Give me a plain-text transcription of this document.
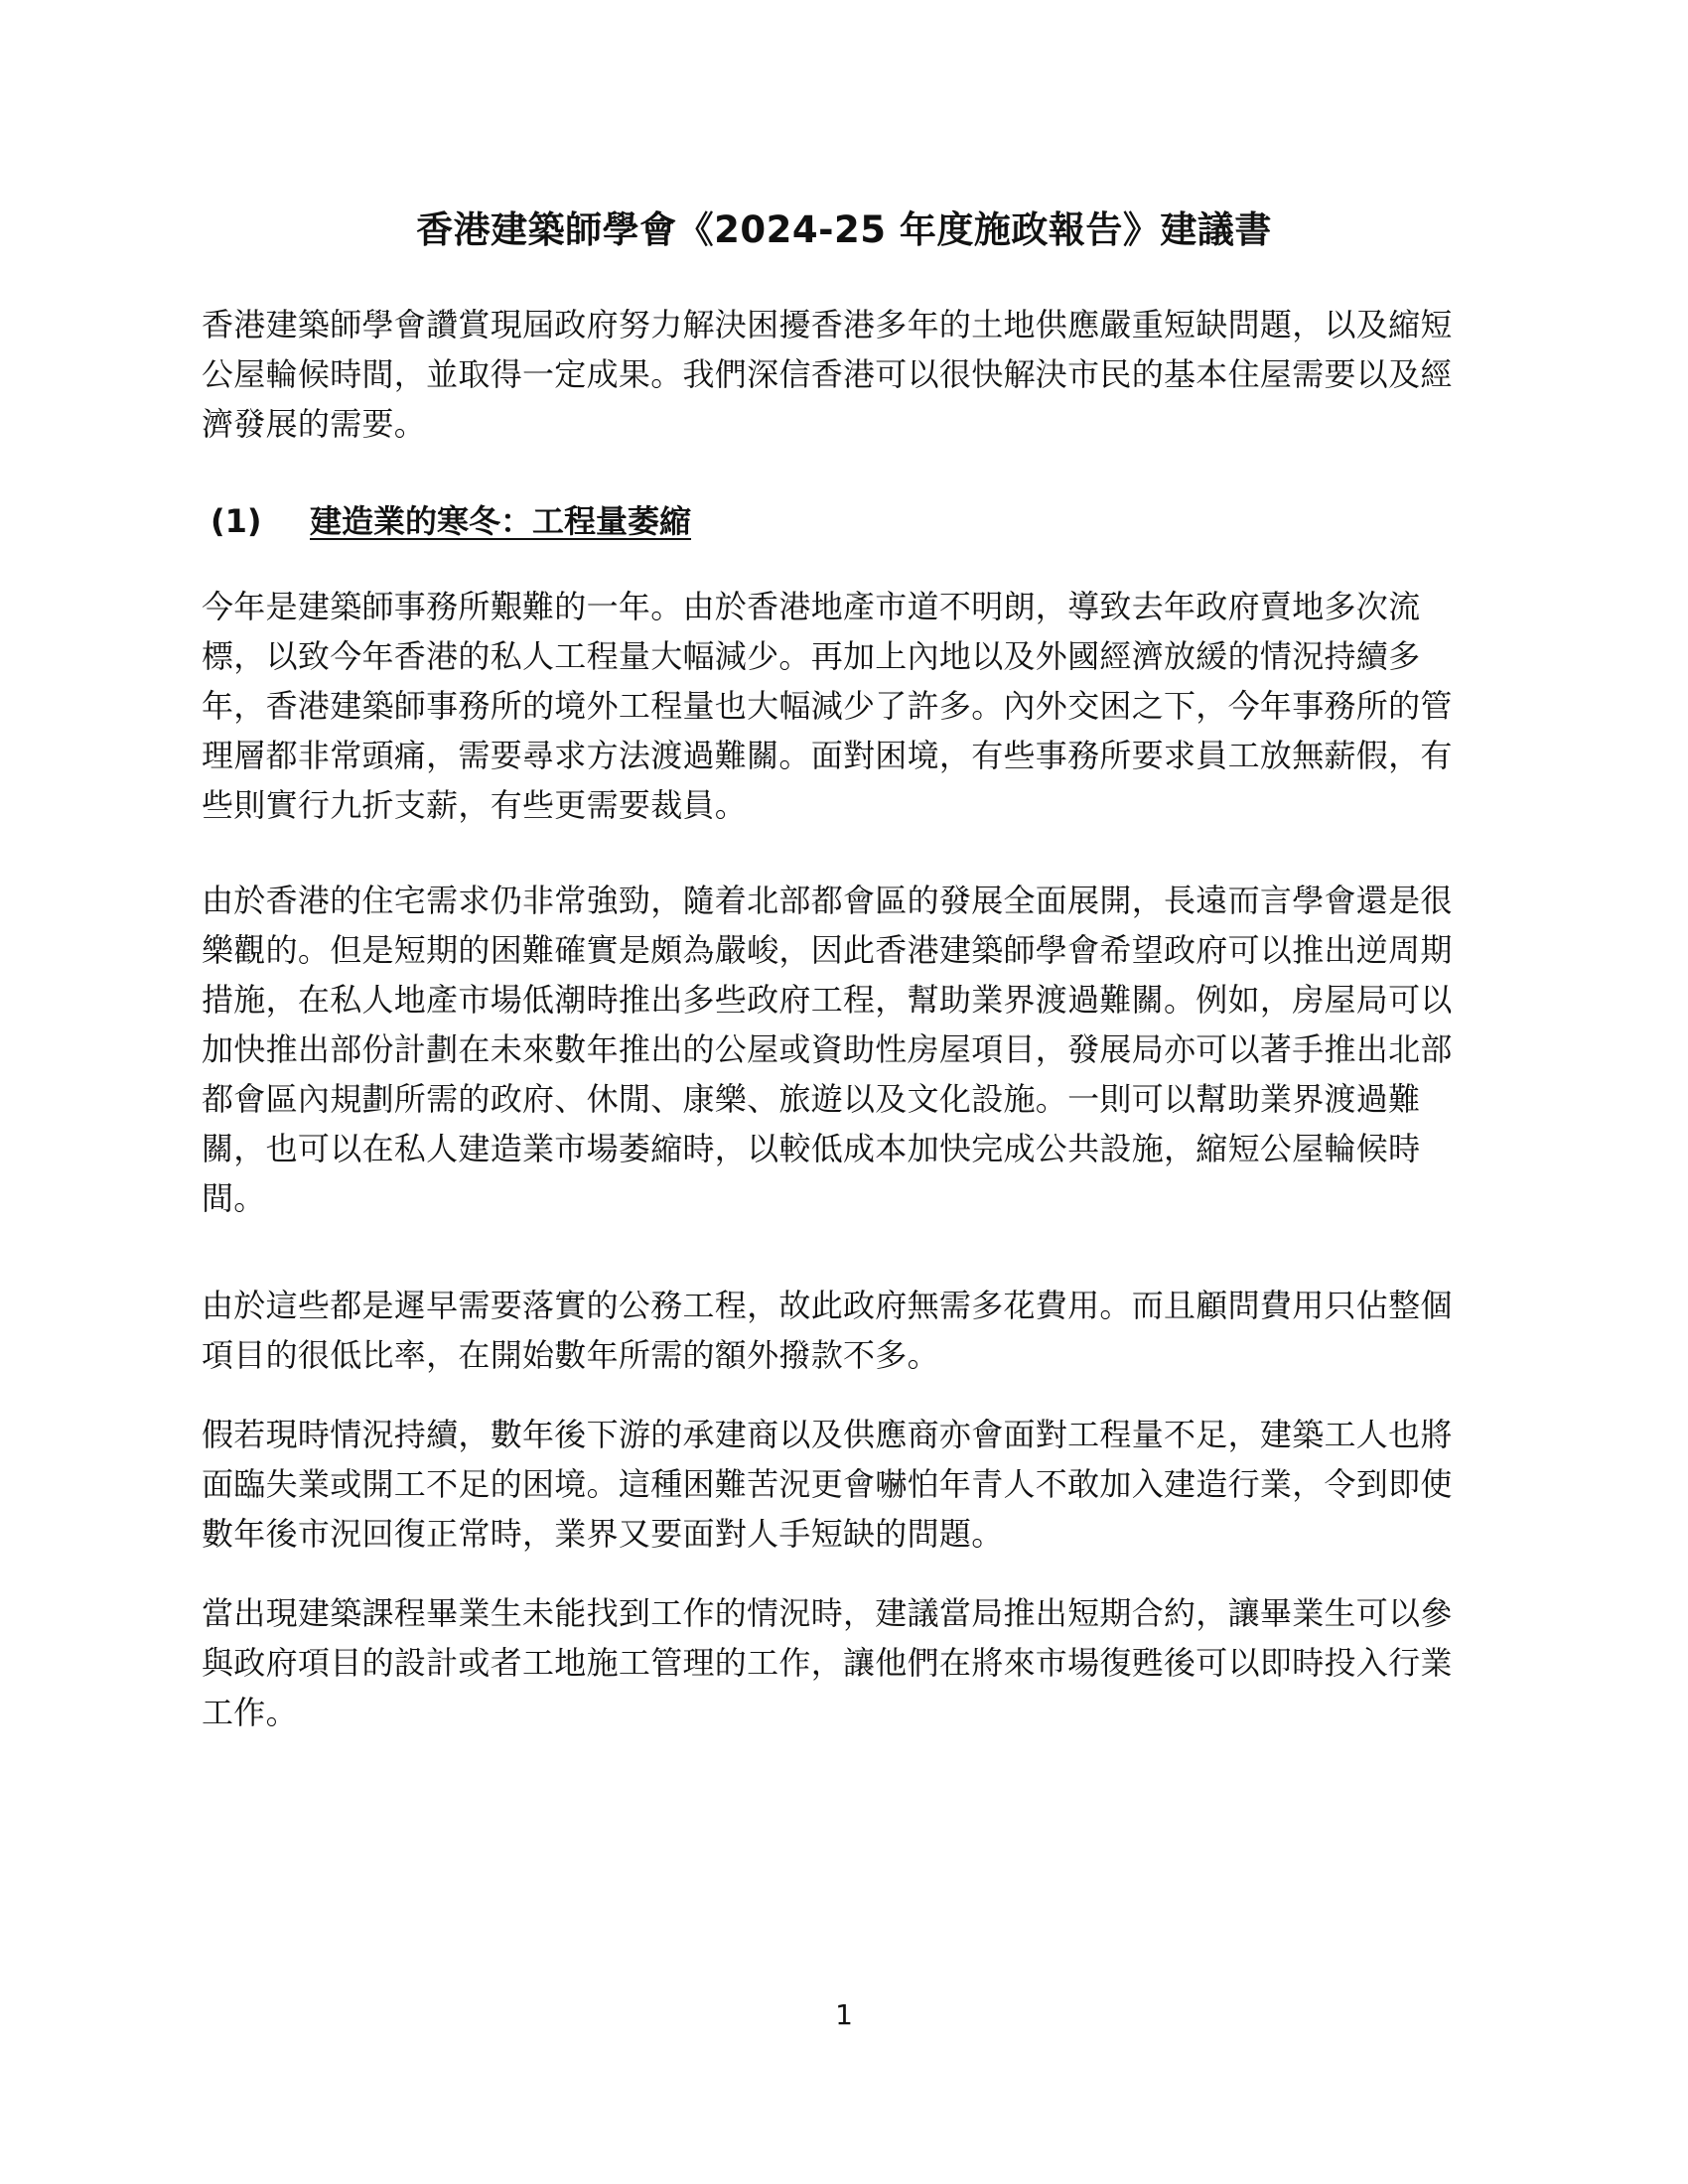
香港建築師學會《2024-25 年度施政報告》建議書
香港建築師學會讚賞現屆政府努力解決困擾香港多年的土地供應嚴重短缺問題，以及縮短
公屋輪候時間，並取得一定成果。我們深信香港可以很快解決市民的基本住屋需要以及經
濟發展的需要。
(1) 建造業的寒冬：工程量萎縮
今年是建築師事務所艱難的一年。由於香港地產市道不明朗，導致去年政府賣地多次流
標，以致今年香港的私人工程量大幅減少。再加上內地以及外國經濟放緩的情況持續多
年，香港建築師事務所的境外工程量也大幅減少了許多。內外交困之下，今年事務所的管
理層都非常頭痛，需要尋求方法渡過難關。面對困境，有些事務所要求員工放無薪假，有
些則實行九折支薪，有些更需要裁員。
由於香港的住宅需求仍非常強勁，隨着北部都會區的發展全面展開，長遠而言學會還是很
樂觀的。但是短期的困難確實是頗為嚴峻，因此香港建築師學會希望政府可以推出逆周期
措施，在私人地產市場低潮時推出多些政府工程，幫助業界渡過難關。例如，房屋局可以
加快推出部份計劃在未來數年推出的公屋或資助性房屋項目，發展局亦可以著手推出北部
都會區內規劃所需的政府、休閒、康樂、旅遊以及文化設施。一則可以幫助業界渡過難
關，也可以在私人建造業市場萎縮時，以較低成本加快完成公共設施，縮短公屋輪候時
間。
由於這些都是遲早需要落實的公務工程，故此政府無需多花費用。而且顧問費用只佔整個
項目的很低比率，在開始數年所需的額外撥款不多。
假若現時情況持續，數年後下游的承建商以及供應商亦會面對工程量不足，建築工人也將
面臨失業或開工不足的困境。這種困難苦況更會嚇怕年青人不敢加入建造行業，令到即使
數年後市況回復正常時，業界又要面對人手短缺的問題。
當出現建築課程畢業生未能找到工作的情況時，建議當局推出短期合約，讓畢業生可以參
與政府項目的設計或者工地施工管理的工作，讓他們在將來市場復甦後可以即時投入行業
工作。
1
